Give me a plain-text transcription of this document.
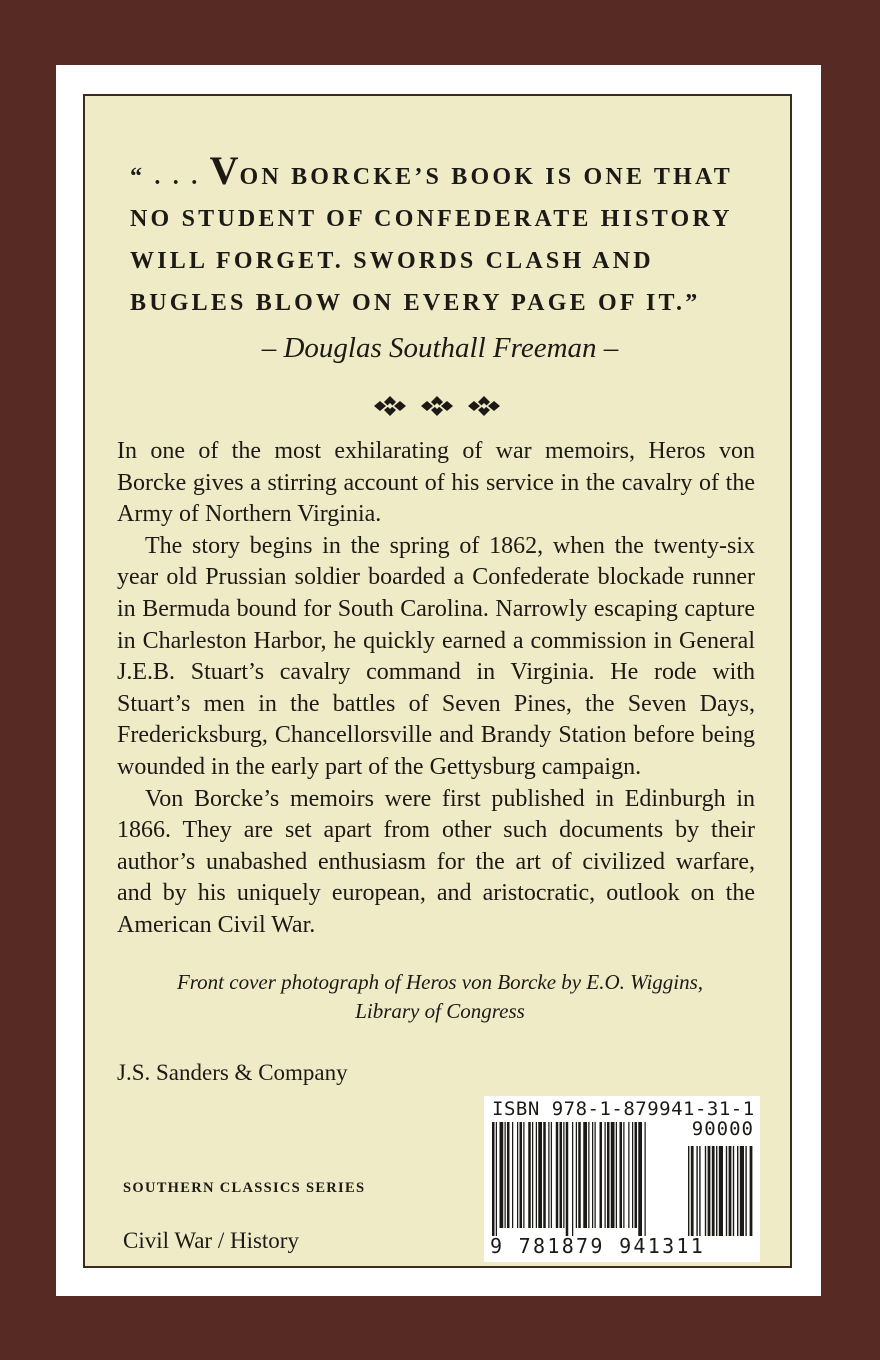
“ . . . VON BORCKE’S BOOK IS ONE THAT NO STUDENT OF CONFEDERATE HISTORY WILL FORGET. SWORDS CLASH AND BUGLES BLOW ON EVERY PAGE OF IT.”

– Douglas Southall Freeman –

In one of the most exhilarating of war memoirs, Heros von Borcke gives a stirring account of his service in the cavalry of the Army of Northern Virginia.

The story begins in the spring of 1862, when the twenty-six year old Prussian soldier boarded a Confederate blockade runner in Bermuda bound for South Carolina. Narrowly escaping capture in Charleston Harbor, he quickly earned a commission in General J.E.B. Stuart’s cavalry command in Virginia. He rode with Stuart’s men in the battles of Seven Pines, the Seven Days, Fredericksburg, Chancellorsville and Brandy Station before being wounded in the early part of the Gettysburg campaign.

Von Borcke’s memoirs were first published in Edinburgh in 1866. They are set apart from other such documents by their author’s unabashed enthusiasm for the art of civilized warfare, and by his uniquely european, and aristocratic, outlook on the American Civil War.

Front cover photograph of Heros von Borcke by E.O. Wiggins,
Library of Congress

J.S. Sanders & Company

SOUTHERN CLASSICS SERIES

Civil War / History

ISBN 978-1-879941-31-1
90000
9 781879 941311
